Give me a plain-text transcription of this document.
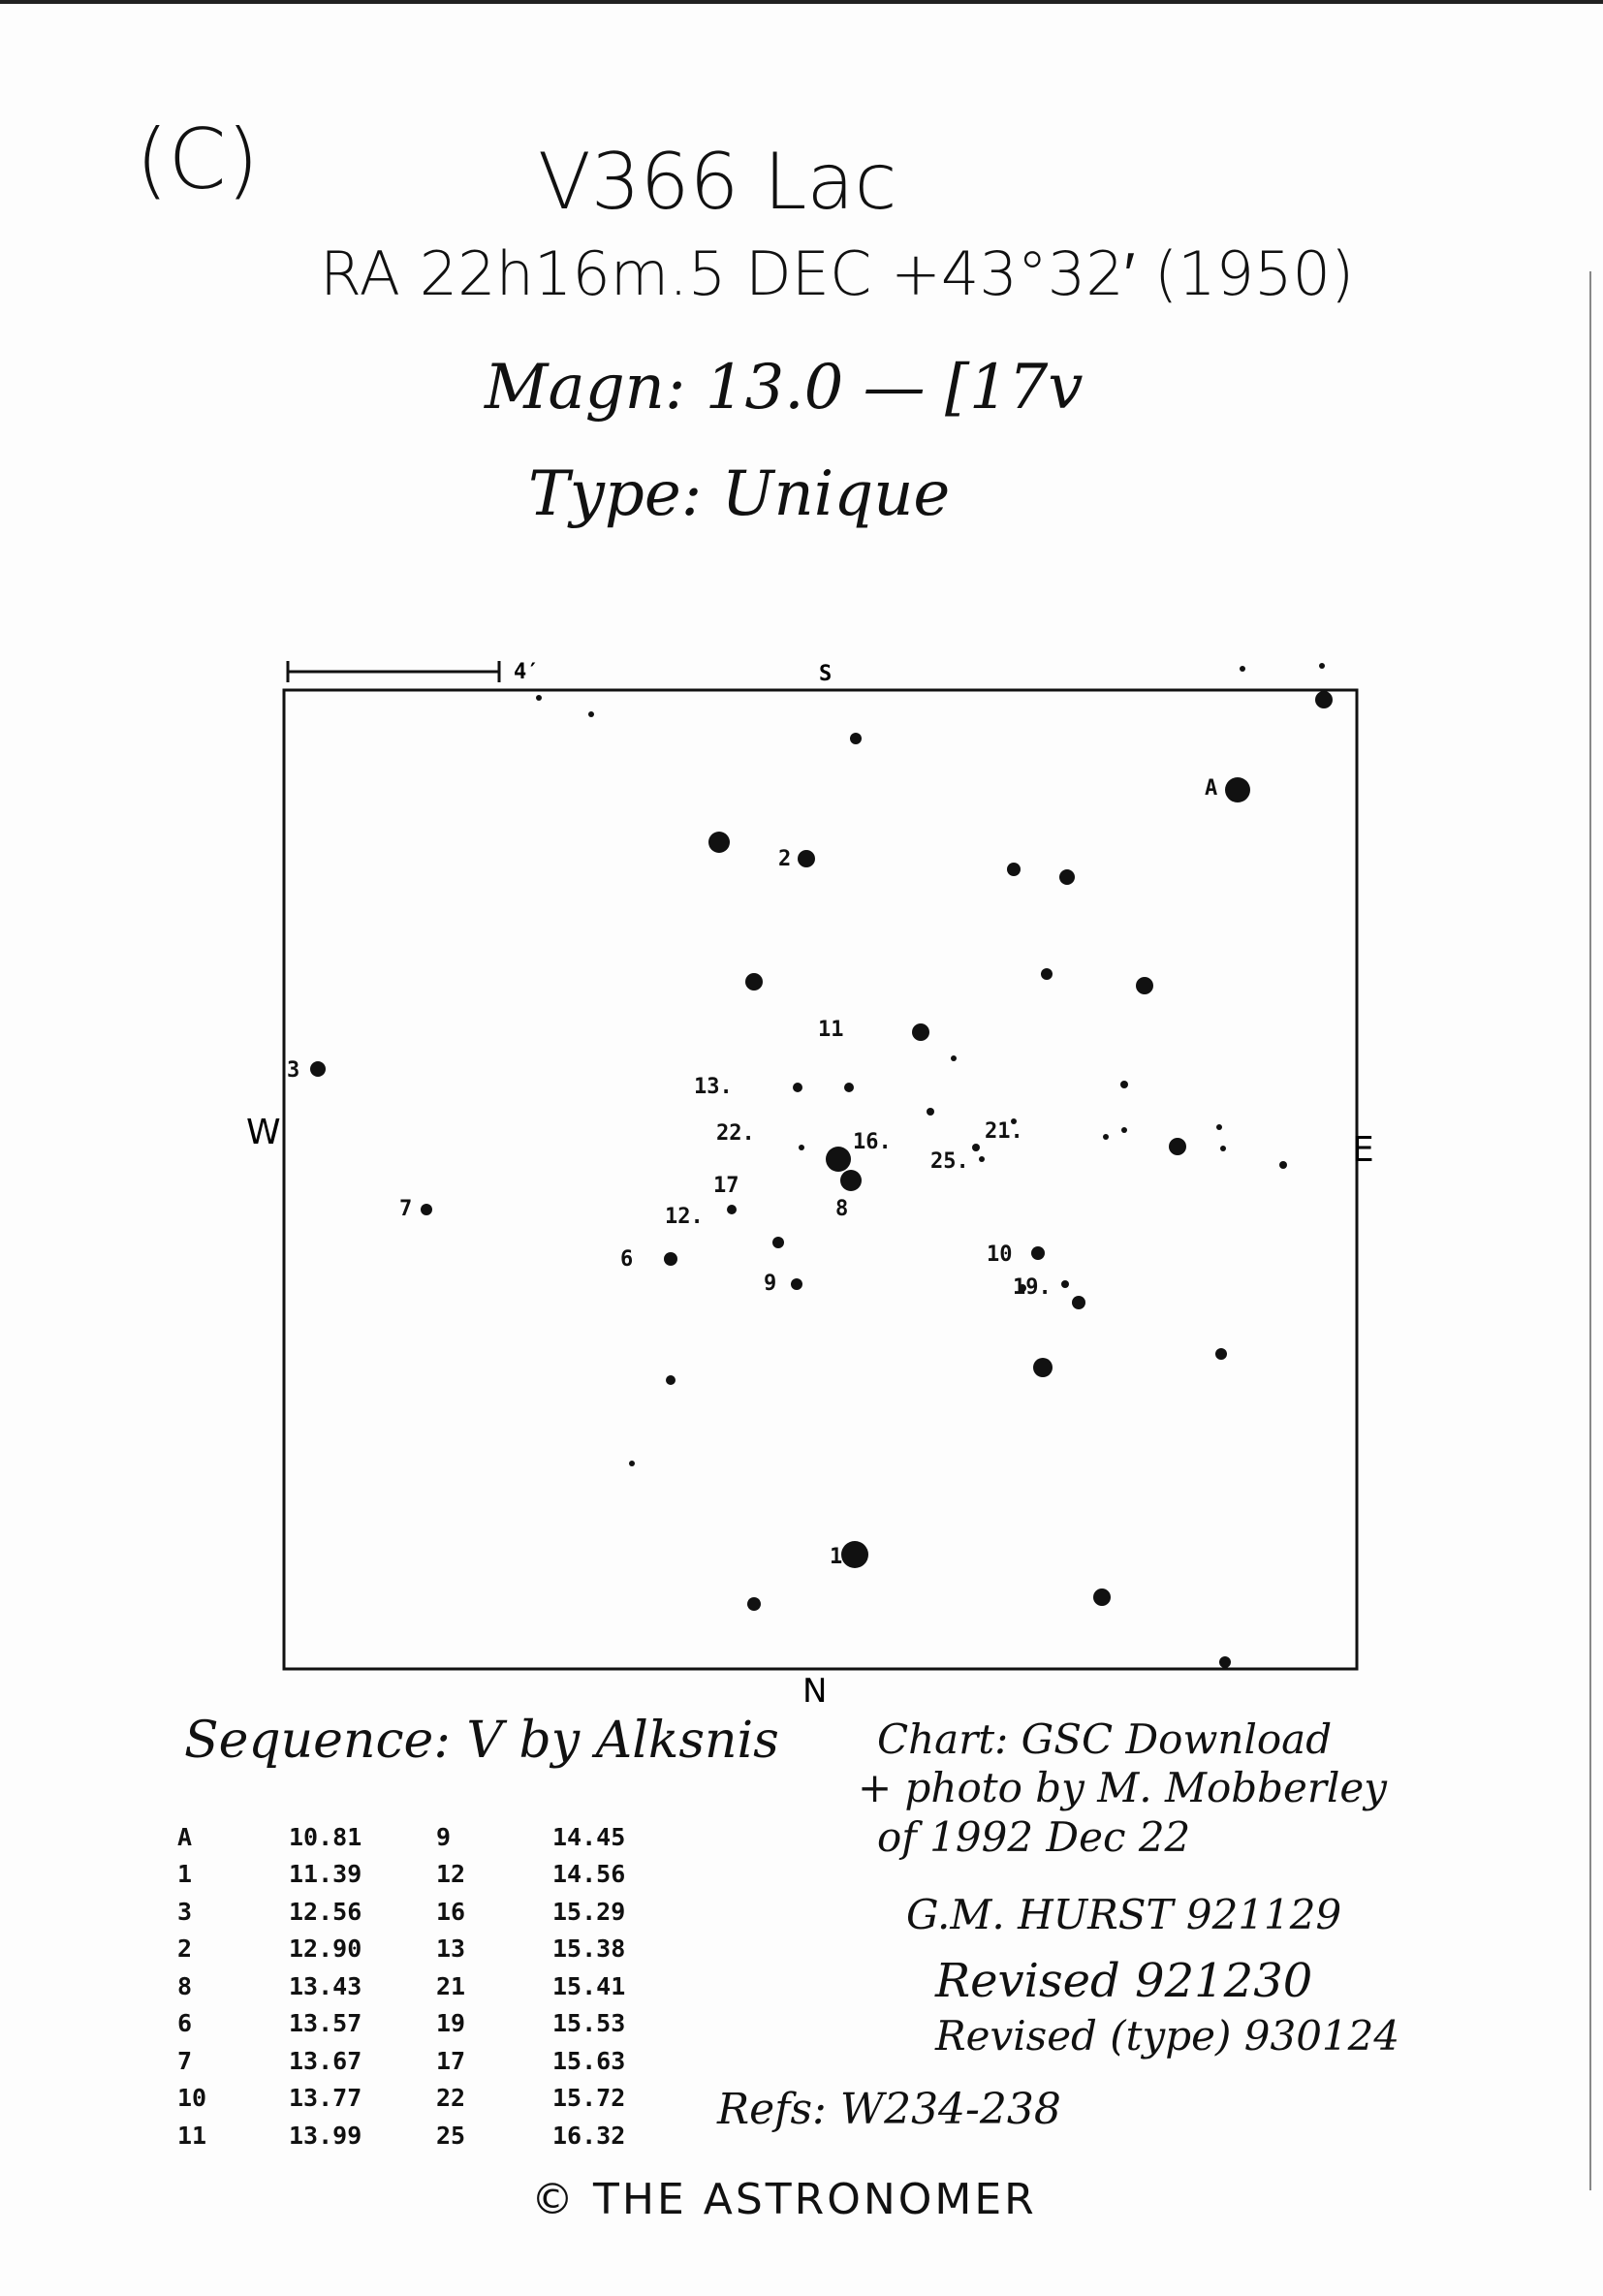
(C)	V366 Lac
RA 22h16m.5 DEC +43°32′ (1950)
Magn: 13.0 — [17v
Type: Unique
4′	S
N
W	E
A
2
11
3
13.
22.	16.	21.
25.
17
8
12.
7
6
9
10
19.
1
Sequence: V by Alksnis
A	10.81	9	14.45
1	11.39	12	14.56
3	12.56	16	15.29
2	12.90	13	15.38
8	13.43	21	15.41
6	13.57	19	15.53
7	13.67	17	15.63
10	13.77	22	15.72
11	13.99	25	16.32
Chart: GSC Download
+ photo by M. Mobberley
of 1992 Dec 22
G.M. HURST 921129
Revised 921230
Revised (type) 930124
Refs: W234-238
© THE ASTRONOMER
